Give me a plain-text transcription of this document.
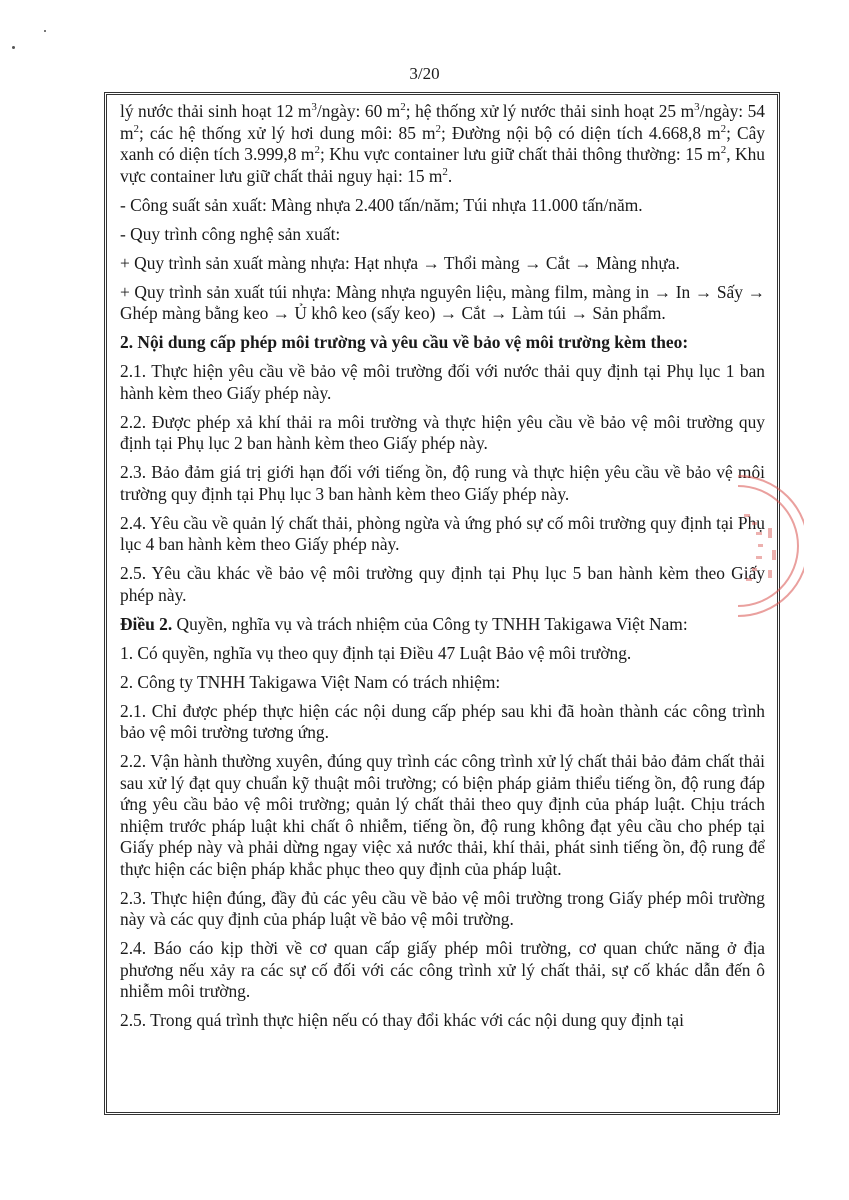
3/20

lý nước thải sinh hoạt 12 $m^3$/ngày: 60 $m^2$; hệ thống xử lý nước thải sinh hoạt 25 $m^3$/ngày: 54 $m^2$; các hệ thống xử lý hơi dung môi: 85 $m^2$; Đường nội bộ có diện tích 4.668,8 $m^2$; Cây xanh có diện tích 3.999,8 $m^2$; Khu vực container lưu giữ chất thải thông thường: 15 $m^2$, Khu vực container lưu giữ chất thải nguy hại: 15 $m^2$.

- Công suất sản xuất: Màng nhựa 2.400 tấn/năm; Túi nhựa 11.000 tấn/năm.

- Quy trình công nghệ sản xuất:

+ Quy trình sản xuất màng nhựa: Hạt nhựa → Thổi màng → Cắt → Màng nhựa.

+ Quy trình sản xuất túi nhựa: Màng nhựa nguyên liệu, màng film, màng in → In → Sấy → Ghép màng bằng keo → Ủ khô keo (sấy keo) → Cắt → Làm túi → Sản phẩm.

2. Nội dung cấp phép môi trường và yêu cầu về bảo vệ môi trường kèm theo:

2.1. Thực hiện yêu cầu về bảo vệ môi trường đối với nước thải quy định tại Phụ lục 1 ban hành kèm theo Giấy phép này.

2.2. Được phép xả khí thải ra môi trường và thực hiện yêu cầu về bảo vệ môi trường quy định tại Phụ lục 2 ban hành kèm theo Giấy phép này.

2.3. Bảo đảm giá trị giới hạn đối với tiếng ồn, độ rung và thực hiện yêu cầu về bảo vệ môi trường quy định tại Phụ lục 3 ban hành kèm theo Giấy phép này.

2.4. Yêu cầu về quản lý chất thải, phòng ngừa và ứng phó sự cố môi trường quy định tại Phụ lục 4 ban hành kèm theo Giấy phép này.

2.5. Yêu cầu khác về bảo vệ môi trường quy định tại Phụ lục 5 ban hành kèm theo Giấy phép này.

Điều 2. Quyền, nghĩa vụ và trách nhiệm của Công ty TNHH Takigawa Việt Nam:

1. Có quyền, nghĩa vụ theo quy định tại Điều 47 Luật Bảo vệ môi trường.

2. Công ty TNHH Takigawa Việt Nam có trách nhiệm:

2.1. Chỉ được phép thực hiện các nội dung cấp phép sau khi đã hoàn thành các công trình bảo vệ môi trường tương ứng.

2.2. Vận hành thường xuyên, đúng quy trình các công trình xử lý chất thải bảo đảm chất thải sau xử lý đạt quy chuẩn kỹ thuật môi trường; có biện pháp giảm thiểu tiếng ồn, độ rung đáp ứng yêu cầu bảo vệ môi trường; quản lý chất thải theo quy định của pháp luật. Chịu trách nhiệm trước pháp luật khi chất ô nhiễm, tiếng ồn, độ rung không đạt yêu cầu cho phép tại Giấy phép này và phải dừng ngay việc xả nước thải, khí thải, phát sinh tiếng ồn, độ rung để thực hiện các biện pháp khắc phục theo quy định của pháp luật.

2.3. Thực hiện đúng, đầy đủ các yêu cầu về bảo vệ môi trường trong Giấy phép môi trường này và các quy định của pháp luật về bảo vệ môi trường.

2.4. Báo cáo kịp thời về cơ quan cấp giấy phép môi trường, cơ quan chức năng ở địa phương nếu xảy ra các sự cố đối với các công trình xử lý chất thải, sự cố khác dẫn đến ô nhiễm môi trường.

2.5. Trong quá trình thực hiện nếu có thay đổi khác với các nội dung quy định tại
